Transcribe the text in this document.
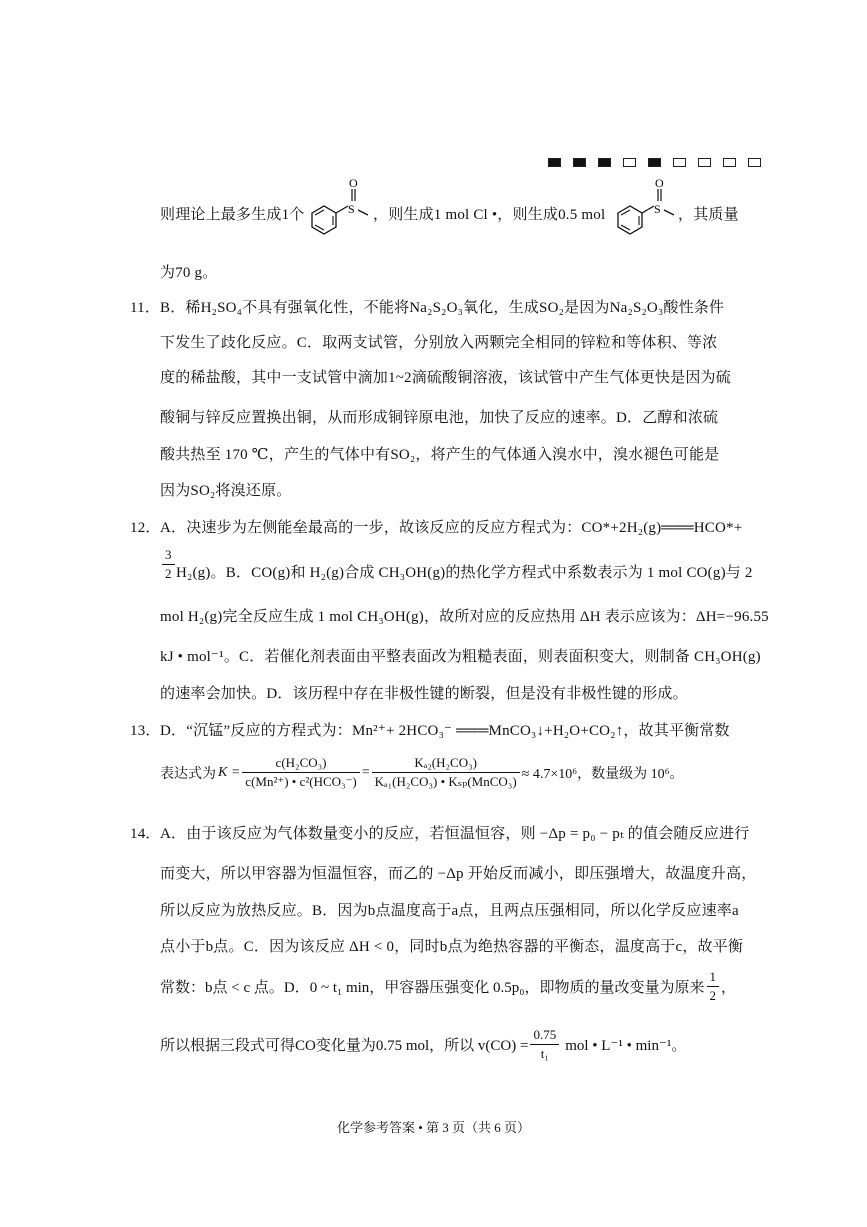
则理论上最多生成1个	S
O
，则生成1 mol Cl •，则生成0.5 mol	S
O
，其质量
为70 g。
11． B．稀H₂SO₄不具有强氧化性，不能将Na₂S₂O₃氧化，生成SO₂是因为Na₂S₂O₃酸性条件
下发生了歧化反应。C．取两支试管，分别放入两颗完全相同的锌粒和等体积、等浓
度的稀盐酸，其中一支试管中滴加1~2滴硫酸铜溶液，该试管中产生气体更快是因为硫
酸铜与锌反应置换出铜，从而形成铜锌原电池，加快了反应的速率。D．乙醇和浓硫
酸共热至 170 ℃，产生的气体中有SO₂，将产生的气体通入溴水中，溴水褪色可能是
因为SO₂将溴还原。
12． A．决速步为左侧能垒最高的一步，故该反应的反应方程式为：CO*+2H₂(g)═══HCO*+
$\frac{3}{2} H_2(g)$。B．CO(g)和 H₂(g)合成 CH₃OH(g)的热化学方程式中系数表示为 1 mol CO(g)与 2
mol H₂(g)完全反应生成 1 mol CH₃OH(g)，故所对应的反应热用 ΔH 表示应该为：ΔH=−96.55
kJ • mol⁻¹。C．若催化剂表面由平整表面改为粗糙表面，则表面积变大，则制备 CH₃OH(g)
的速率会加快。D．该历程中存在非极性键的断裂，但是没有非极性键的形成。
13． D．“沉锰”反应的方程式为：Mn²⁺+ 2HCO₃⁻ ═══MnCO₃↓+H₂O+CO₂↑，故其平衡常数
表达式为 $K = \frac{\text{c(H₂CO₃)}}{\text{c(Mn²⁺) • c²(HCO₃⁻)}} = \frac{\text{Kₐ₂(H₂CO₃)}}{\text{Kₐ₁(H₂CO₃) • Kₛₚ(MnCO₃)}} \approx 4.7\times 10^6$，数量级为 10⁶。
14． A．由于该反应为气体数量变小的反应，若恒温恒容，则 −Δp = p₀ − pₜ 的值会随反应进行
而变大，所以甲容器为恒温恒容，而乙的 −Δp 开始反而减小，即压强增大，故温度升高，
所以反应为放热反应。B．因为b点温度高于a点，且两点压强相同，所以化学反应速率a
点小于b点。C．因为该反应 ΔH < 0，同时b点为绝热容器的平衡态，温度高于c，故平衡
常数：b点 < c 点。D．0 ~ t₁ min，甲容器压强变化 0.5p₀，即物质的量改变量为原来 $\frac{1}{2}$ ，
所以根据三段式可得CO变化量为0.75 mol，所以 $v(CO) = \frac{0.75}{\text{t₁}}$ mol • L⁻¹ • min⁻¹。
化学参考答案 • 第 3 页（共 6 页）
